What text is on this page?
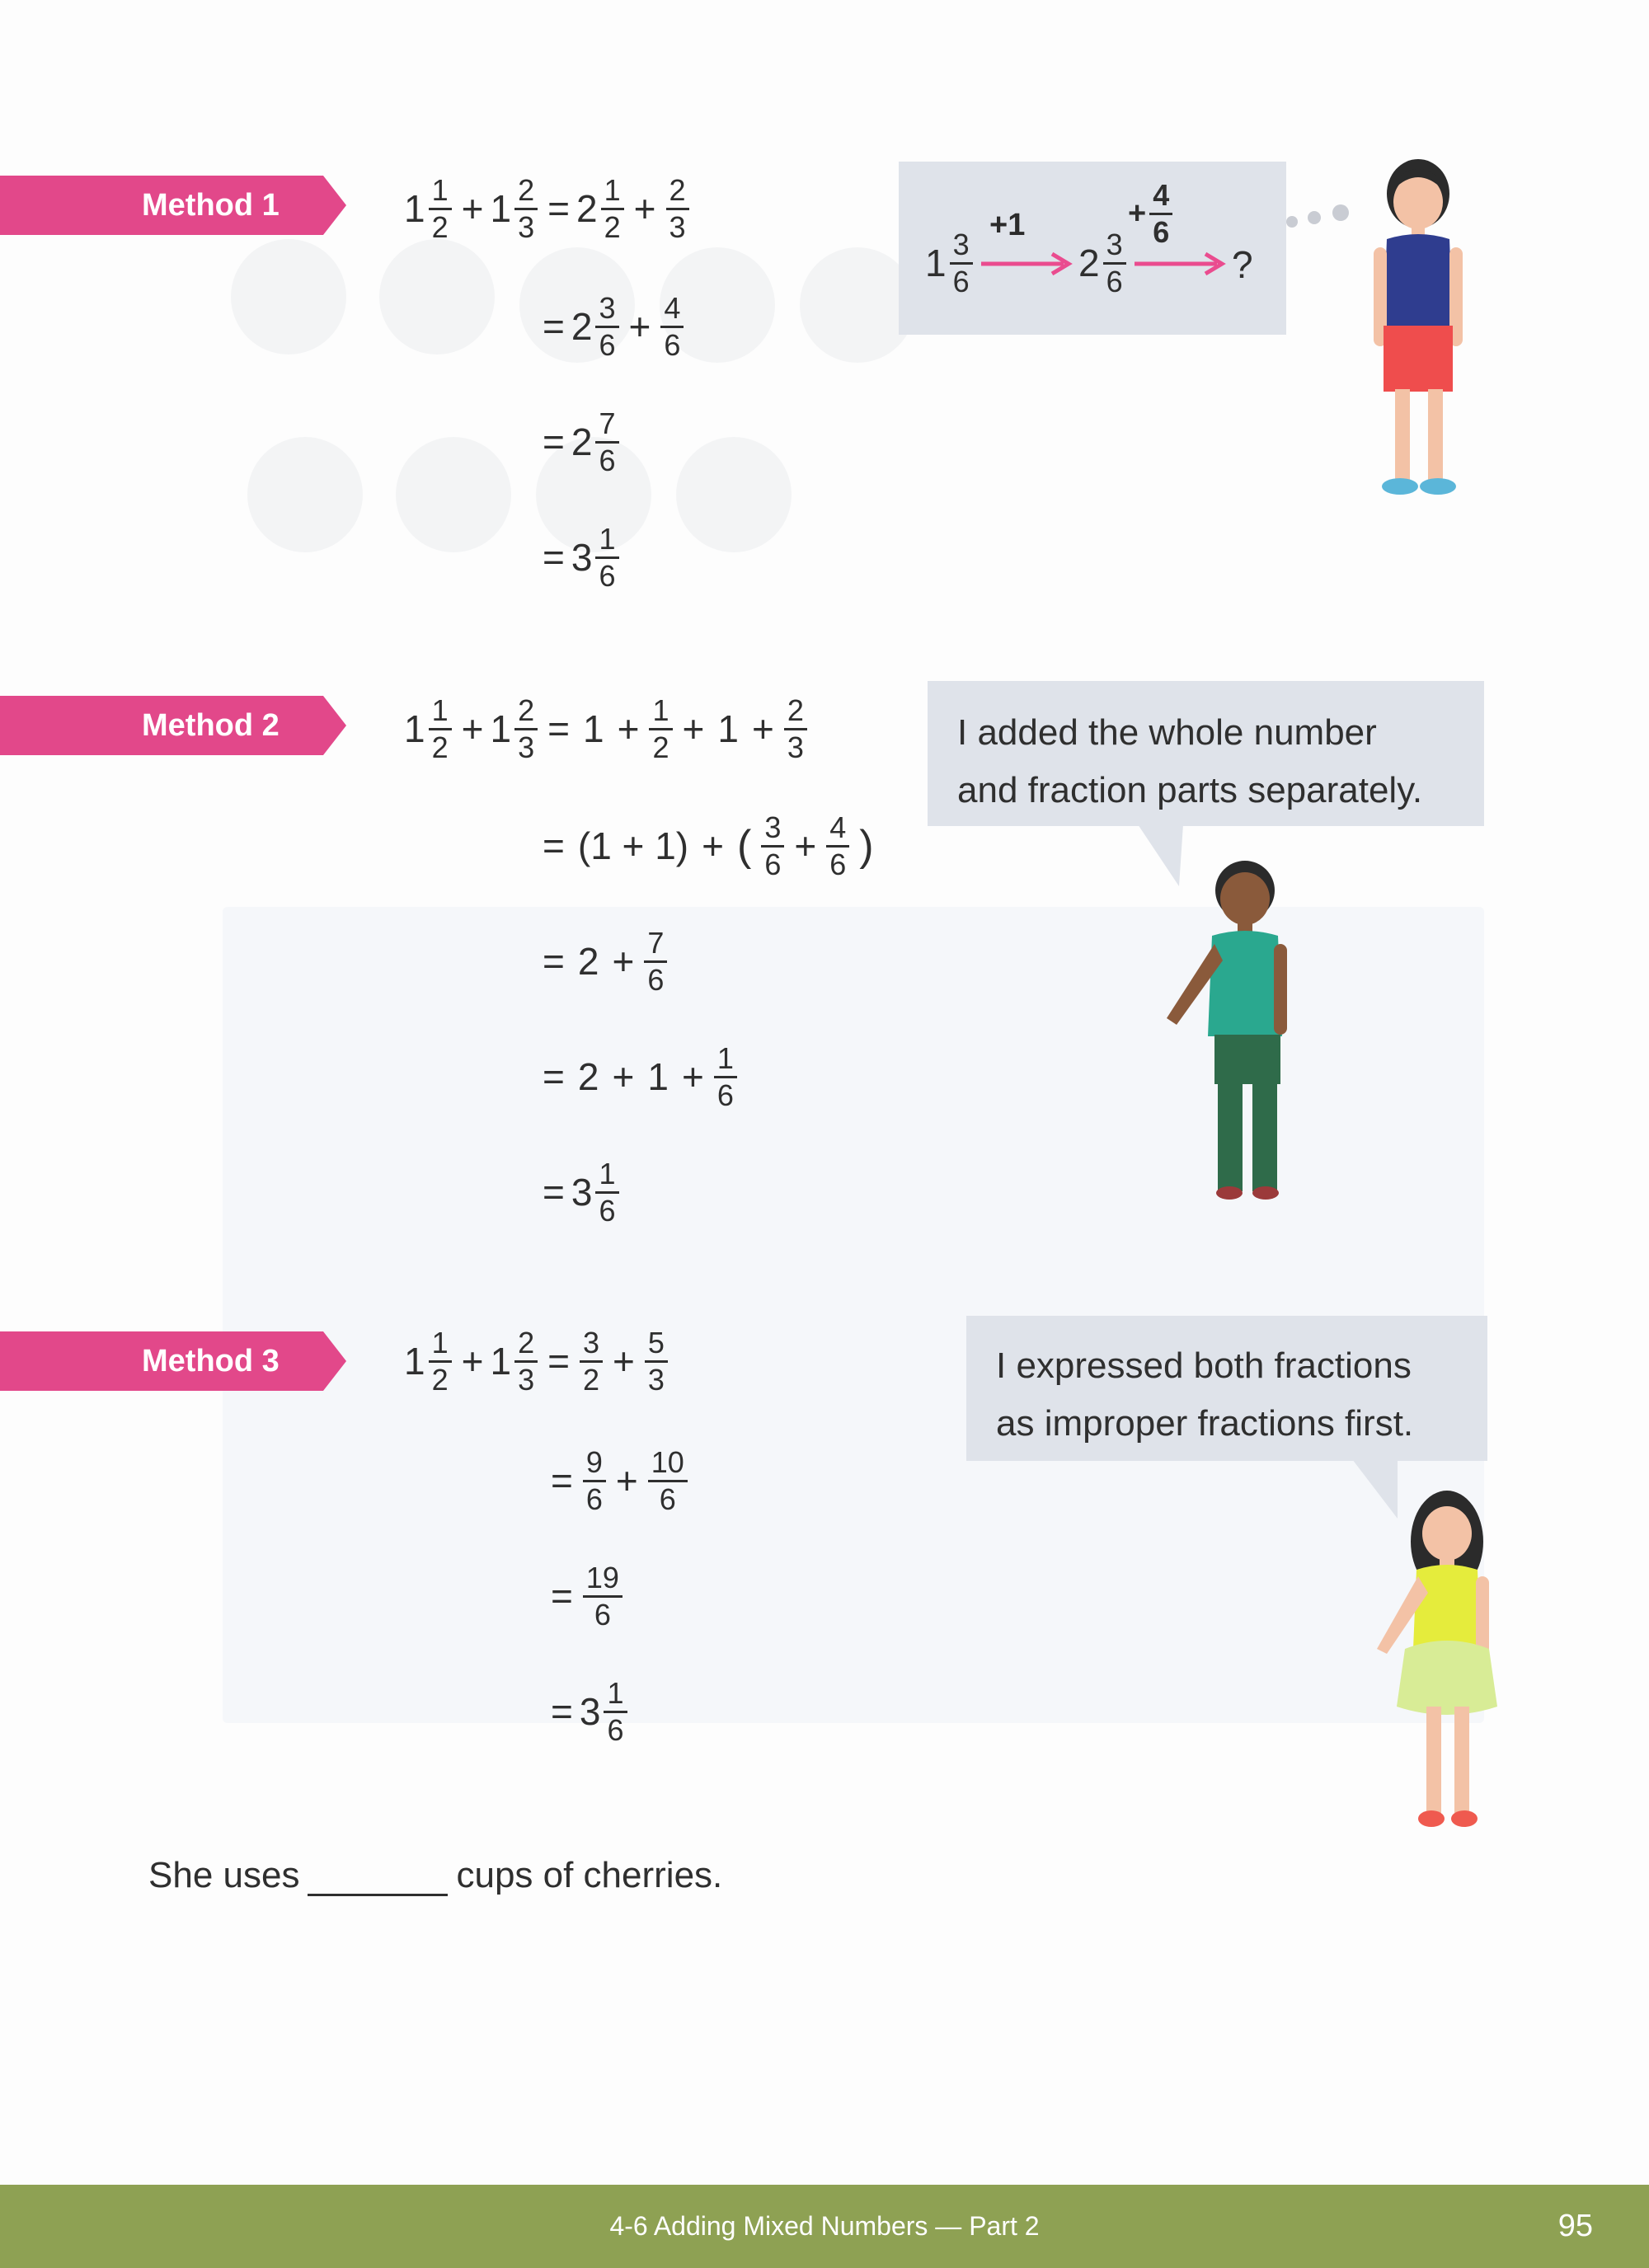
Method 1
Method 2
Method 3
$1 \frac{1}{2} + 1 \frac{2}{3} = 2 \frac{1}{2} + \frac{2}{3}$
= $2 \frac{3}{6} + \frac{4}{6}$
= $2 \frac{7}{6}$
= $3 \frac{1}{6}$
$1 \frac{1}{2} + 1 \frac{2}{3} = 1 + \frac{1}{2} + 1 + \frac{2}{3}$
= (1 + 1) + ( $\frac{3}{6} + \frac{4}{6}$ )
= $2 + \frac{7}{6}$
= $2 + 1 + \frac{1}{6}$
= $3 \frac{1}{6}$
$1 \frac{1}{2} + 1 \frac{2}{3} = \frac{3}{2} + \frac{5}{3}$
= $\frac{9}{6} + \frac{10}{6}$
= $\frac{19}{6}$
= $3 \frac{1}{6}$
$1 \frac{3}{6}$
+1
$2 \frac{3}{6}$
+ $\frac{4}{6}$
?
I added the whole number
and fraction parts separately.
I expressed both fractions
as improper fractions first.
She uses	cups of cherries.
4-6 Adding Mixed Numbers — Part 2	95
